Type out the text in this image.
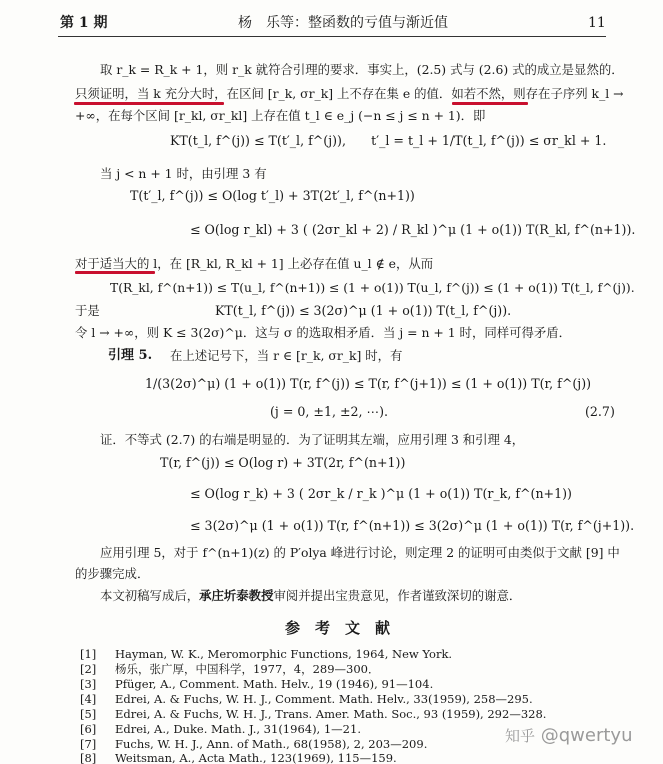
第 1 期	杨　乐等：整函数的亏值与渐近值	11
取 r_k = R_k + 1，则 r_k 就符合引理的要求．事实上，(2.5) 式与 (2.6) 式的成立是显然的．
只须证明，当 k 充分大时，在区间 [r_k, σr_k] 上不存在集 e 的值．如若不然，则存在子序列 k_l →
+∞，在每个区间 [r_kl, σr_kl] 上存在值 t_l ∈ e_j (−n ≤ j ≤ n + 1)．即
KT(t_l, f^(j)) ≤ T(t′_l, f^(j)),　　t′_l = t_l + 1/T(t_l, f^(j)) ≤ σr_kl + 1.
当 j < n + 1 时，由引理 3 有
T(t′_l, f^(j)) ≤ O(log t′_l) + 3T(2t′_l, f^(n+1))
≤ O(log r_kl) + 3 ( (2σr_kl + 2) / R_kl )^μ (1 + o(1)) T(R_kl, f^(n+1)).
对于适当大的 l，在 [R_kl, R_kl + 1] 上必存在值 u_l ∉ e，从而
T(R_kl, f^(n+1)) ≤ T(u_l, f^(n+1)) ≤ (1 + o(1)) T(u_l, f^(j)) ≤ (1 + o(1)) T(t_l, f^(j)).
于是	KT(t_l, f^(j)) ≤ 3(2σ)^μ (1 + o(1)) T(t_l, f^(j)).
令 l → +∞，则 K ≤ 3(2σ)^μ．这与 σ 的选取相矛盾．当 j = n + 1 时，同样可得矛盾．
引理 5. 在上述记号下，当 r ∈ [r_k, σr_k] 时，有
1/(3(2σ)^μ) (1 + o(1)) T(r, f^(j)) ≤ T(r, f^(j+1)) ≤ (1 + o(1)) T(r, f^(j))
(j = 0, ±1, ±2, ⋯).	(2.7)
证．不等式 (2.7) 的右端是明显的．为了证明其左端，应用引理 3 和引理 4，
T(r, f^(j)) ≤ O(log r) + 3T(2r, f^(n+1))
≤ O(log r_k) + 3 ( 2σr_k / r_k )^μ (1 + o(1)) T(r_k, f^(n+1))
≤ 3(2σ)^μ (1 + o(1)) T(r, f^(n+1)) ≤ 3(2σ)^μ (1 + o(1)) T(r, f^(j+1)).
应用引理 5，对于 f^(n+1)(z) 的 P′olya 峰进行讨论，则定理 2 的证明可由类似于文献 [9] 中
的步骤完成．
本文初稿写成后，承庄圻泰教授审阅并提出宝贵意见，作者谨致深切的谢意．
参　考　文　献
[1] Hayman, W. K., Meromorphic Functions, 1964, New York.
[2] 杨乐，张广厚，中国科学，1977，4，289—300．
[3] Pfüger, A., Comment. Math. Helv., 19 (1946), 91—104.
[4] Edrei, A. & Fuchs, W. H. J., Comment. Math. Helv., 33(1959), 258—295.
[5] Edrei, A. & Fuchs, W. H. J., Trans. Amer. Math. Soc., 93 (1959), 292—328.
[6] Edrei, A., Duke. Math. J., 31(1964), 1—21.
[7] Fuchs, W. H. J., Ann. of Math., 68(1958), 2, 203—209.
[8] Weitsman, A., Acta Math., 123(1969), 115—159.
知乎 @qwertyu
